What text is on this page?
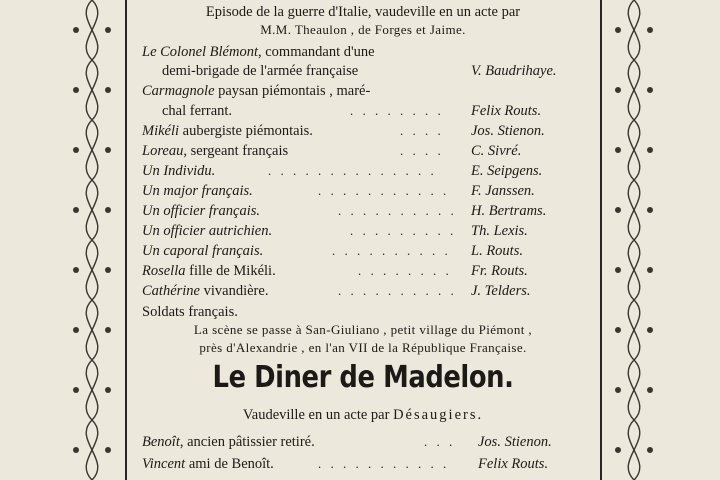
Episode de la guerre d'Italie, vaudeville en un acte par
M.M. Theaulon , de Forges et Jaime.
Le Colonel Blémont, commandant d'une
demi-brigade de l'armée française	V. Baudrihaye.
Carmagnole paysan piémontais , maré-
chal ferrant.	. . . . . . . . Felix Routs.
Mikéli aubergiste piémontais.	. . . . Jos. Stienon.
Loreau, sergeant français	. . . . C. Sivré.
Un Individu.	. . . . . . . . . . . . . . E. Seipgens.
Un major français.	. . . . . . . . . . . F. Janssen.
Un officier français.	. . . . . . . . . . H. Bertrams.
Un officier autrichien.	. . . . . . . . . Th. Lexis.
Un caporal français.	. . . . . . . . . . L. Routs.
Rosella fille de Mikéli.	. . . . . . . . Fr. Routs.
Cathérine vivandière.	. . . . . . . . . . J. Telders.
Soldats français.
La scène se passe à San-Giuliano , petit village du Piémont ,
près d'Alexandrie , en l'an VII de la République Française.
Le Diner de Madelon.
Vaudeville en un acte par Désaugiers.
Benoît, ancien pâtissier retiré.	. . . Jos. Stienon.
Vincent ami de Benoît.	. . . . . . . . . . . Felix Routs.
